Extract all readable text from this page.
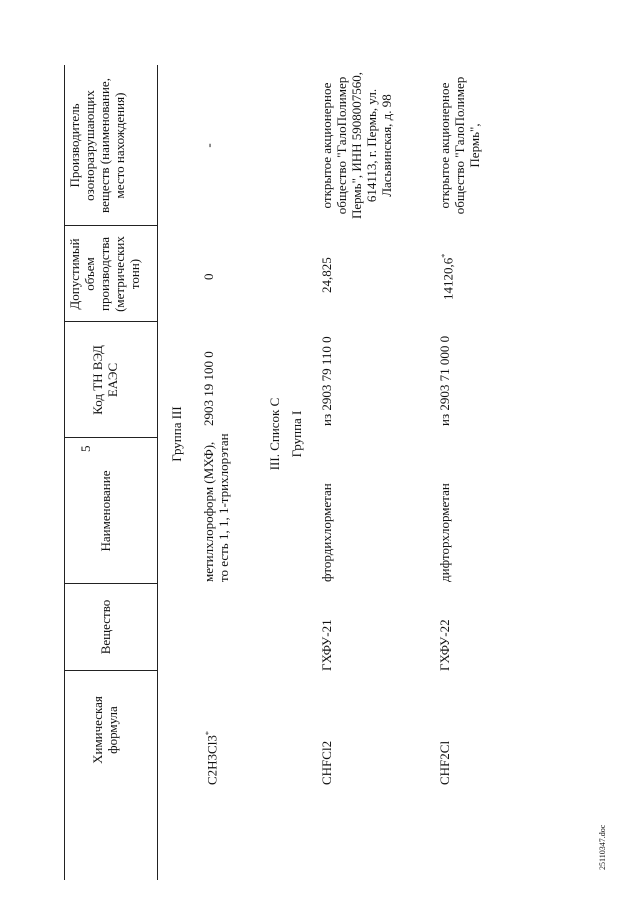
5
Химическая формула
Вещество
Наименование
Код ТН ВЭД ЕАЭС
Допустимый объем производства (метрических тонн)
Производитель озоноразрушающих веществ (наименование, место нахождения)
Группа III	III. Список С Группа I
C2H3Cl3*
метилхлороформ (МХФ), то есть 1, 1, 1-трихлорэтан
2903 19 100 0
0
-
CHFCl2
ГХФУ-21
фтордихлорметан
из 2903 79 110 0
24,825
открытое акционерное общество "ГалоПолимер Пермь", ИНН 5908007560, 614113, г. Пермь, ул. Ласьвинская, д. 98
CHF2Cl
ГХФУ-22
дифторхлорметан
из 2903 71 000 0
14120,6*
открытое акционерное общество "ГалоПолимер Пермь",
25110347.doc
